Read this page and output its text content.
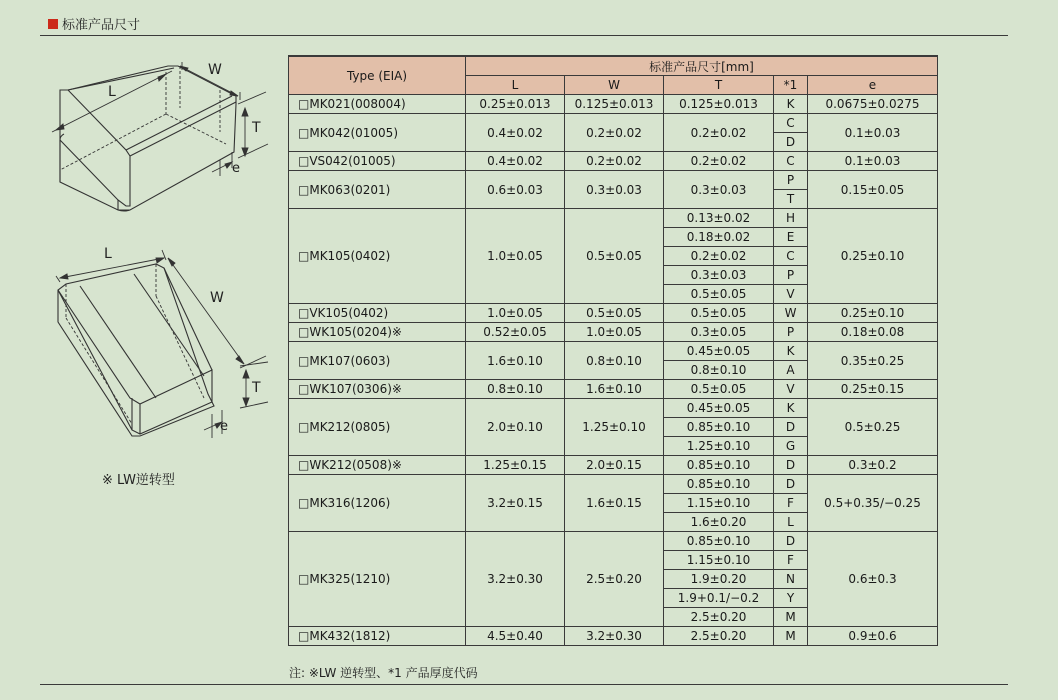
标准产品尺寸
L
W
T
e
L
W
T
e
※ LW逆转型
Type (EIA)	标准产品尺寸[mm]				
	L	W	T	*1	e
□MK021(008004)	0.25±0.013	0.125±0.013	0.125±0.013	K	0.0675±0.0275
□MK042(01005)	0.4±0.02	0.2±0.02	0.2±0.02	C	0.1±0.03
				D	
□VS042(01005)	0.4±0.02	0.2±0.02	0.2±0.02	C	0.1±0.03
□MK063(0201)	0.6±0.03	0.3±0.03	0.3±0.03	P	0.15±0.05
				T	
□MK105(0402)	1.0±0.05	0.5±0.05	0.13±0.02	H	0.25±0.10
			0.18±0.02	E	
			0.2±0.02	C	
			0.3±0.03	P	
			0.5±0.05	V	
□VK105(0402)	1.0±0.05	0.5±0.05	0.5±0.05	W	0.25±0.10
□WK105(0204)※	0.52±0.05	1.0±0.05	0.3±0.05	P	0.18±0.08
□MK107(0603)	1.6±0.10	0.8±0.10	0.45±0.05	K	0.35±0.25
			0.8±0.10	A	
□WK107(0306)※	0.8±0.10	1.6±0.10	0.5±0.05	V	0.25±0.15
□MK212(0805)	2.0±0.10	1.25±0.10	0.45±0.05	K	0.5±0.25
			0.85±0.10	D	
			1.25±0.10	G	
□WK212(0508)※	1.25±0.15	2.0±0.15	0.85±0.10	D	0.3±0.2
□MK316(1206)	3.2±0.15	1.6±0.15	0.85±0.10	D	0.5+0.35/−0.25
			1.15±0.10	F	
			1.6±0.20	L	
□MK325(1210)	3.2±0.30	2.5±0.20	0.85±0.10	D	0.6±0.3
			1.15±0.10	F	
			1.9±0.20	N	
			1.9+0.1/−0.2	Y	
			2.5±0.20	M	
□MK432(1812)	4.5±0.40	3.2±0.30	2.5±0.20	M	0.9±0.6
注: ※LW 逆转型、*1 产品厚度代码
